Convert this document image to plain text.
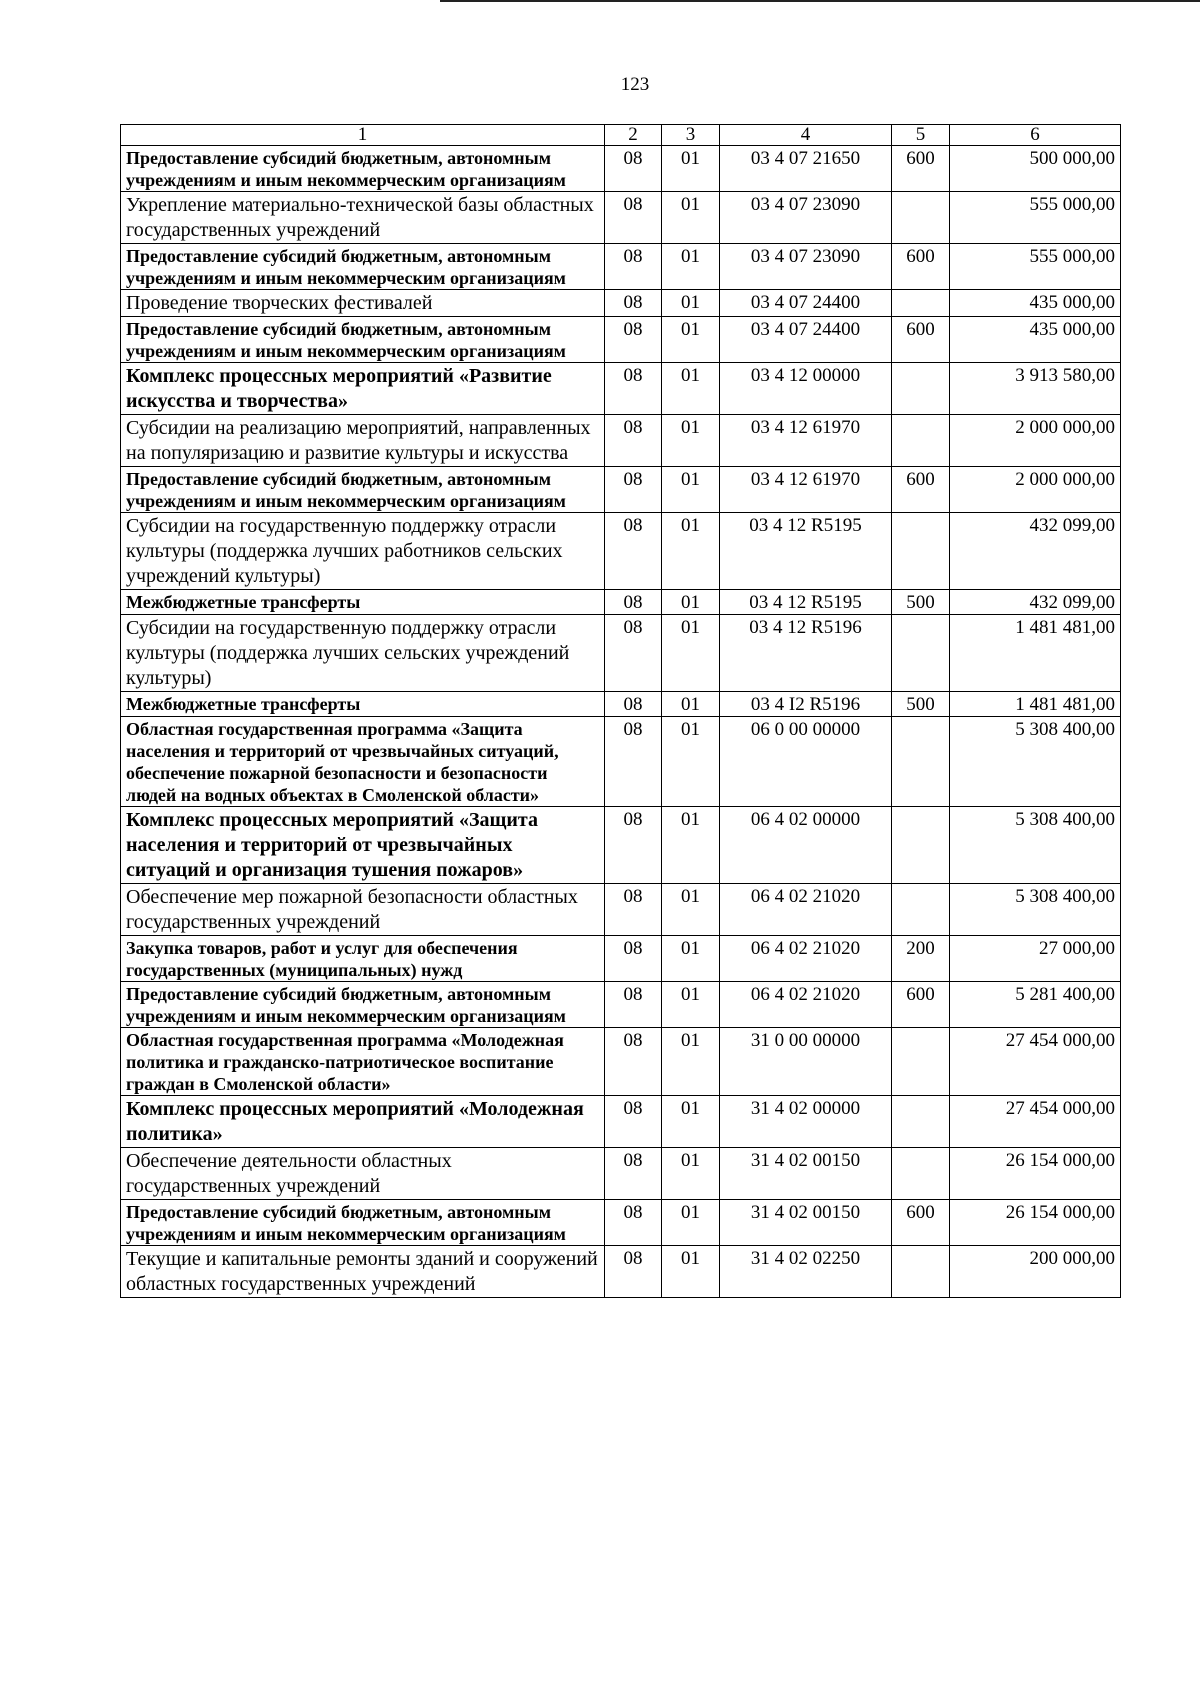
123
1	2	3	4	5	6
Предоставление субсидий бюджетным, автономным учреждениям и иным некоммерческим организациям	08	01	03 4 07 21650	600	500 000,00
Укрепление материально-технической базы областных государственных учреждений	08	01	03 4 07 23090		555 000,00
Предоставление субсидий бюджетным, автономным учреждениям и иным некоммерческим организациям	08	01	03 4 07 23090	600	555 000,00
Проведение творческих фестивалей	08	01	03 4 07 24400		435 000,00
Предоставление субсидий бюджетным, автономным учреждениям и иным некоммерческим организациям	08	01	03 4 07 24400	600	435 000,00
Комплекс процессных мероприятий «Развитие искусства и творчества»	08	01	03 4 12 00000		3 913 580,00
Субсидии на реализацию мероприятий, направленных на популяризацию и развитие культуры и искусства	08	01	03 4 12 61970		2 000 000,00
Предоставление субсидий бюджетным, автономным учреждениям и иным некоммерческим организациям	08	01	03 4 12 61970	600	2 000 000,00
Субсидии на государственную поддержку отрасли культуры (поддержка лучших работников сельских учреждений культуры)	08	01	03 4 12 R5195		432 099,00
Межбюджетные трансферты	08	01	03 4 12 R5195	500	432 099,00
Субсидии на государственную поддержку отрасли культуры (поддержка лучших сельских учреждений культуры)	08	01	03 4 12 R5196		1 481 481,00
Межбюджетные трансферты	08	01	03 4 I2 R5196	500	1 481 481,00
Областная государственная программа «Защита населения и территорий от чрезвычайных ситуаций, обеспечение пожарной безопасности и безопасности людей на водных объектах в Смоленской области»	08	01	06 0 00 00000		5 308 400,00
Комплекс процессных мероприятий «Защита населения и территорий от чрезвычайных ситуаций и организация тушения пожаров»	08	01	06 4 02 00000		5 308 400,00
Обеспечение мер пожарной безопасности областных государственных учреждений	08	01	06 4 02 21020		5 308 400,00
Закупка товаров, работ и услуг для обеспечения государственных (муниципальных) нужд	08	01	06 4 02 21020	200	27 000,00
Предоставление субсидий бюджетным, автономным учреждениям и иным некоммерческим организациям	08	01	06 4 02 21020	600	5 281 400,00
Областная государственная программа «Молодежная политика и гражданско-патриотическое воспитание граждан в Смоленской области»	08	01	31 0 00 00000		27 454 000,00
Комплекс процессных мероприятий «Молодежная политика»	08	01	31 4 02 00000		27 454 000,00
Обеспечение деятельности областных государственных учреждений	08	01	31 4 02 00150		26 154 000,00
Предоставление субсидий бюджетным, автономным учреждениям и иным некоммерческим организациям	08	01	31 4 02 00150	600	26 154 000,00
Текущие и капитальные ремонты зданий и сооружений областных государственных учреждений	08	01	31 4 02 02250		200 000,00
